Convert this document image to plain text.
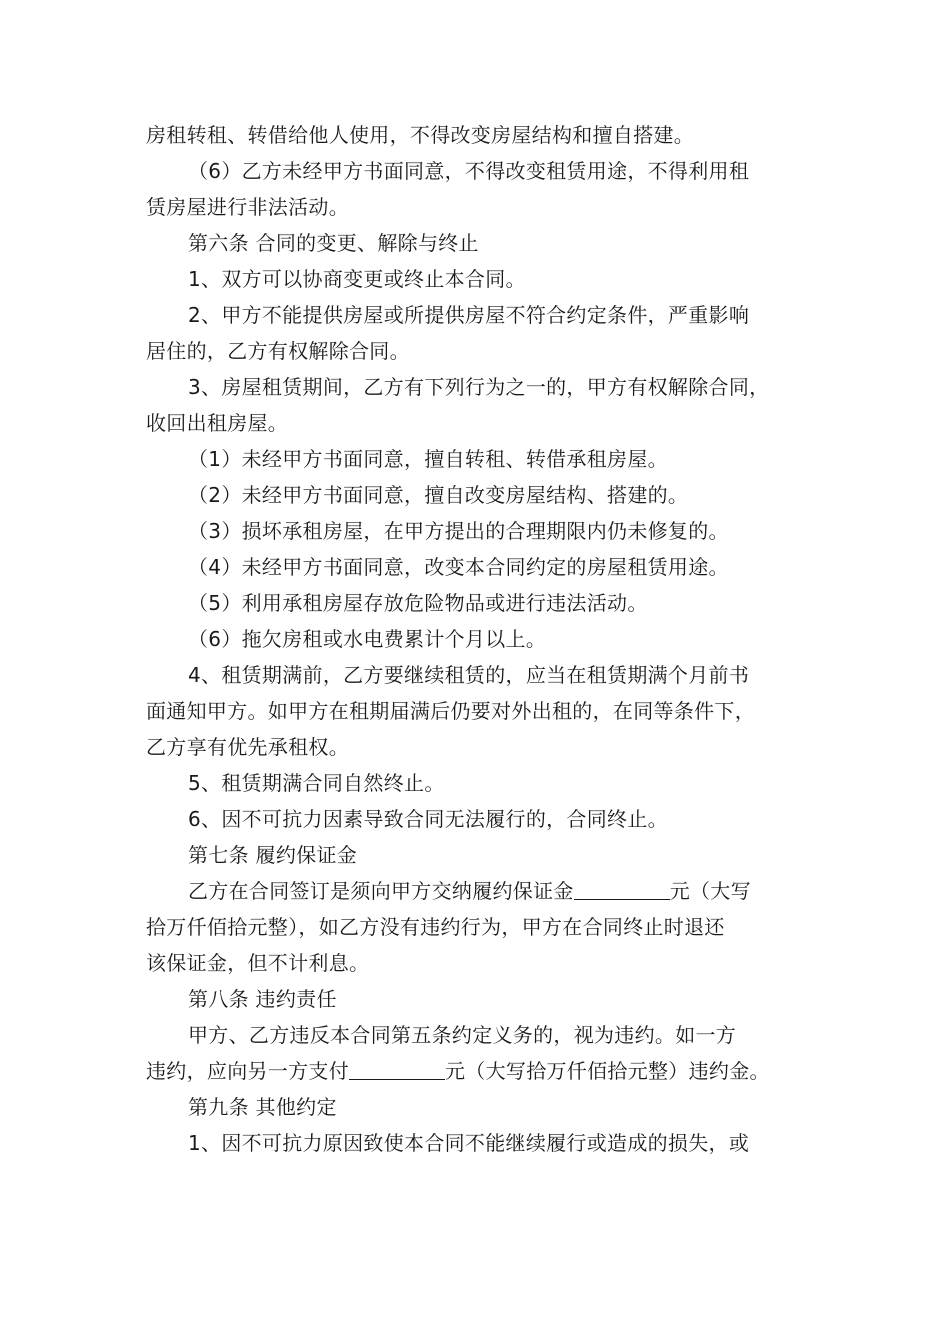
房租转租、转借给他人使用，不得改变房屋结构和擅自搭建。
（6）乙方未经甲方书面同意，不得改变租赁用途，不得利用租
赁房屋进行非法活动。
第六条 合同的变更、解除与终止
1、双方可以协商变更或终止本合同。
2、甲方不能提供房屋或所提供房屋不符合约定条件，严重影响
居住的，乙方有权解除合同。
3、房屋租赁期间，乙方有下列行为之一的，甲方有权解除合同，
收回出租房屋。
（1）未经甲方书面同意，擅自转租、转借承租房屋。
（2）未经甲方书面同意，擅自改变房屋结构、搭建的。
（3）损坏承租房屋，在甲方提出的合理期限内仍未修复的。
（4）未经甲方书面同意，改变本合同约定的房屋租赁用途。
（5）利用承租房屋存放危险物品或进行违法活动。
（6）拖欠房租或水电费累计个月以上。
4、租赁期满前，乙方要继续租赁的，应当在租赁期满个月前书
面通知甲方。如甲方在租期届满后仍要对外出租的，在同等条件下，
乙方享有优先承租权。
5、租赁期满合同自然终止。
6、因不可抗力因素导致合同无法履行的，合同终止。
第七条 履约保证金
乙方在合同签订是须向甲方交纳履约保证金	元（大写
拾万仟佰拾元整），如乙方没有违约行为，甲方在合同终止时退还
该保证金，但不计利息。
第八条 违约责任
甲方、乙方违反本合同第五条约定义务的，视为违约。如一方
违约，应向另一方支付	元（大写拾万仟佰拾元整）违约金。
第九条 其他约定
1、因不可抗力原因致使本合同不能继续履行或造成的损失，或
